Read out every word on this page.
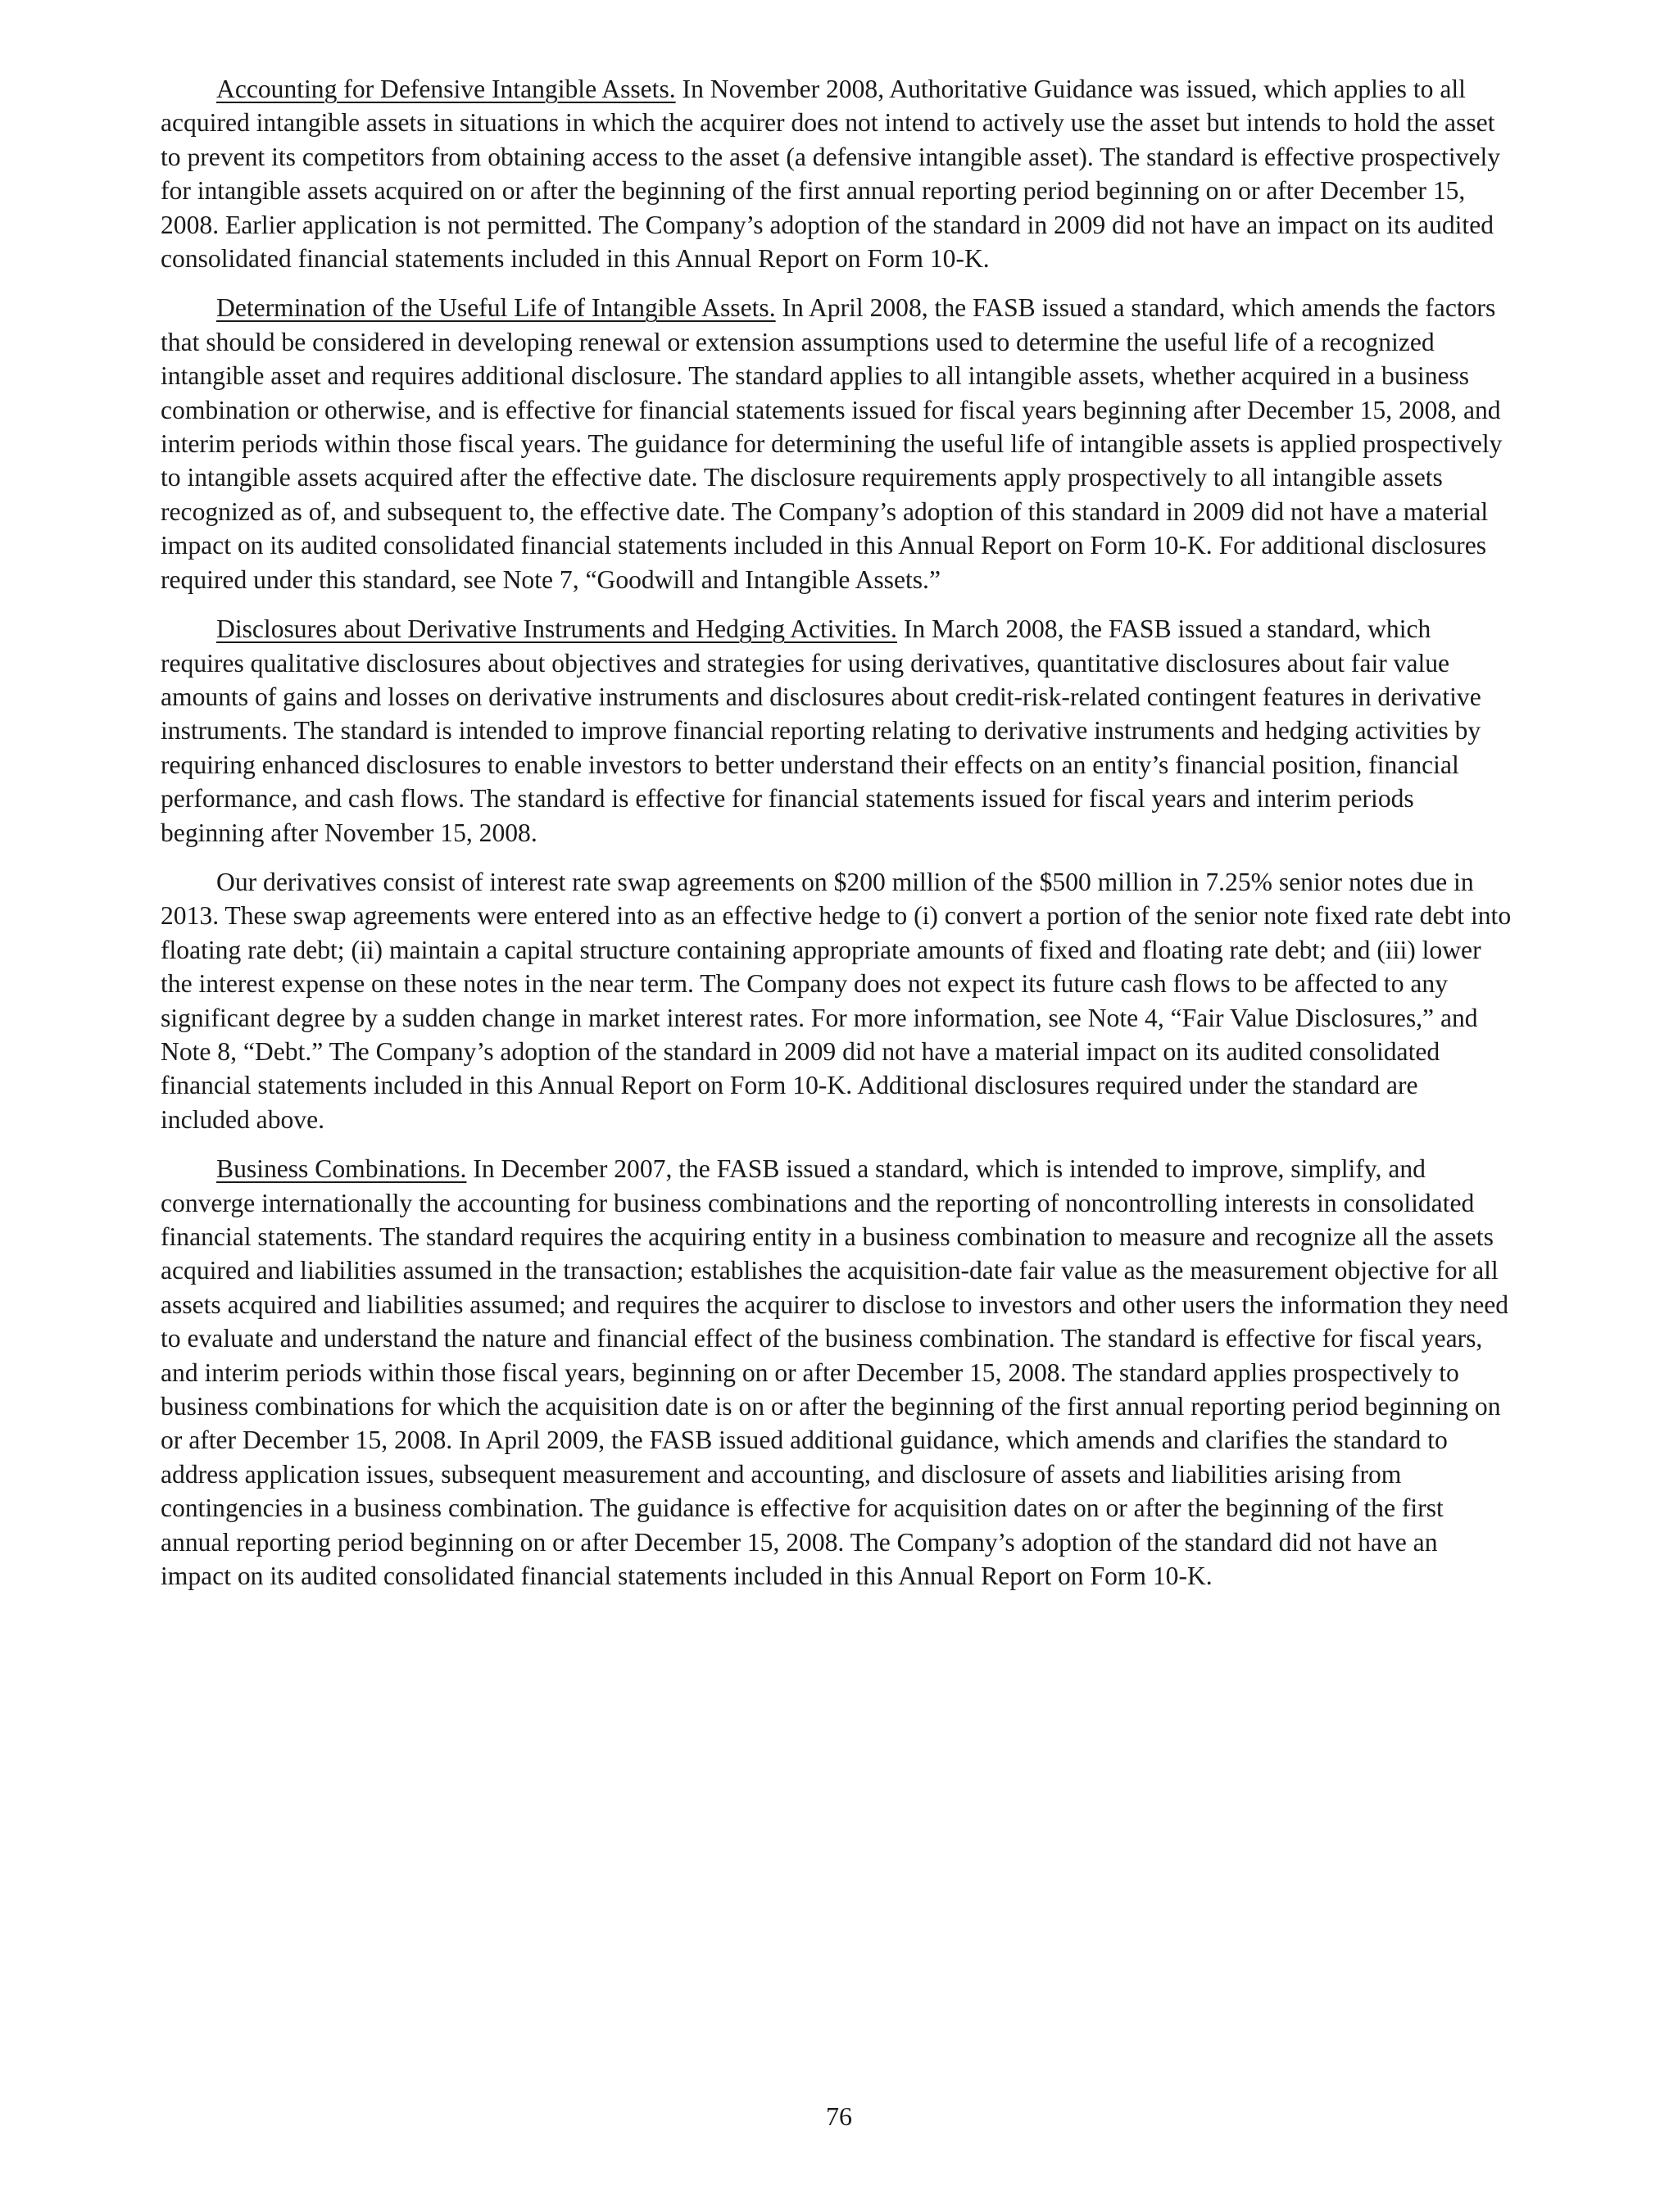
Accounting for Defensive Intangible Assets. In November 2008, Authoritative Guidance was issued, which applies to all acquired intangible assets in situations in which the acquirer does not intend to actively use the asset but intends to hold the asset to prevent its competitors from obtaining access to the asset (a defensive intangible asset). The standard is effective prospectively for intangible assets acquired on or after the beginning of the first annual reporting period beginning on or after December 15, 2008. Earlier application is not permitted. The Company’s adoption of the standard in 2009 did not have an impact on its audited consolidated financial statements included in this Annual Report on Form 10-K.

Determination of the Useful Life of Intangible Assets. In April 2008, the FASB issued a standard, which amends the factors that should be considered in developing renewal or extension assumptions used to determine the useful life of a recognized intangible asset and requires additional disclosure. The standard applies to all intangible assets, whether acquired in a business combination or otherwise, and is effective for financial statements issued for fiscal years beginning after December 15, 2008, and interim periods within those fiscal years. The guidance for determining the useful life of intangible assets is applied prospectively to intangible assets acquired after the effective date. The disclosure requirements apply prospectively to all intangible assets recognized as of, and subsequent to, the effective date. The Company’s adoption of this standard in 2009 did not have a material impact on its audited consolidated financial statements included in this Annual Report on Form 10-K. For additional disclosures required under this standard, see Note 7, “Goodwill and Intangible Assets.”

Disclosures about Derivative Instruments and Hedging Activities. In March 2008, the FASB issued a standard, which requires qualitative disclosures about objectives and strategies for using derivatives, quantitative disclosures about fair value amounts of gains and losses on derivative instruments and disclosures about credit-risk-related contingent features in derivative instruments. The standard is intended to improve financial reporting relating to derivative instruments and hedging activities by requiring enhanced disclosures to enable investors to better understand their effects on an entity’s financial position, financial performance, and cash flows. The standard is effective for financial statements issued for fiscal years and interim periods beginning after November 15, 2008.

Our derivatives consist of interest rate swap agreements on $200 million of the $500 million in 7.25% senior notes due in 2013. These swap agreements were entered into as an effective hedge to (i) convert a portion of the senior note fixed rate debt into floating rate debt; (ii) maintain a capital structure containing appropriate amounts of fixed and floating rate debt; and (iii) lower the interest expense on these notes in the near term. The Company does not expect its future cash flows to be affected to any significant degree by a sudden change in market interest rates. For more information, see Note 4, “Fair Value Disclosures,” and Note 8, “Debt.” The Company’s adoption of the standard in 2009 did not have a material impact on its audited consolidated financial statements included in this Annual Report on Form 10-K. Additional disclosures required under the standard are included above.

Business Combinations. In December 2007, the FASB issued a standard, which is intended to improve, simplify, and converge internationally the accounting for business combinations and the reporting of noncontrolling interests in consolidated financial statements. The standard requires the acquiring entity in a business combination to measure and recognize all the assets acquired and liabilities assumed in the transaction; establishes the acquisition-date fair value as the measurement objective for all assets acquired and liabilities assumed; and requires the acquirer to disclose to investors and other users the information they need to evaluate and understand the nature and financial effect of the business combination. The standard is effective for fiscal years, and interim periods within those fiscal years, beginning on or after December 15, 2008. The standard applies prospectively to business combinations for which the acquisition date is on or after the beginning of the first annual reporting period beginning on or after December 15, 2008. In April 2009, the FASB issued additional guidance, which amends and clarifies the standard to address application issues, subsequent measurement and accounting, and disclosure of assets and liabilities arising from contingencies in a business combination. The guidance is effective for acquisition dates on or after the beginning of the first annual reporting period beginning on or after December 15, 2008. The Company’s adoption of the standard did not have an impact on its audited consolidated financial statements included in this Annual Report on Form 10-K.

76
